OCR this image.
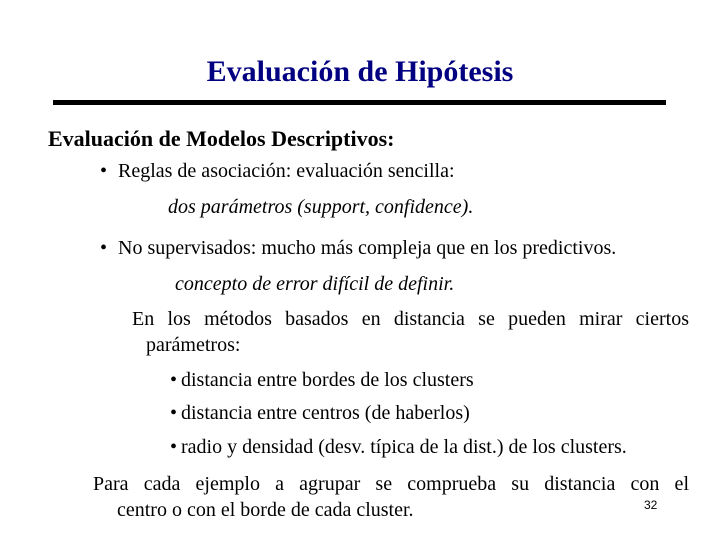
Evaluación de Hipótesis
Evaluación de Modelos Descriptivos:
• Reglas de asociación: evaluación sencilla:
dos parámetros (support, confidence).
• No supervisados: mucho más compleja que en los predictivos.
concepto de error difícil de definir.
En los métodos basados en distancia se pueden mirar ciertos
parámetros:
• distancia entre bordes de los clusters
• distancia entre centros (de haberlos)
• radio y densidad (desv. típica de la dist.) de los clusters.
Para cada ejemplo a agrupar se comprueba su distancia con el
centro o con el borde de cada cluster.	32
